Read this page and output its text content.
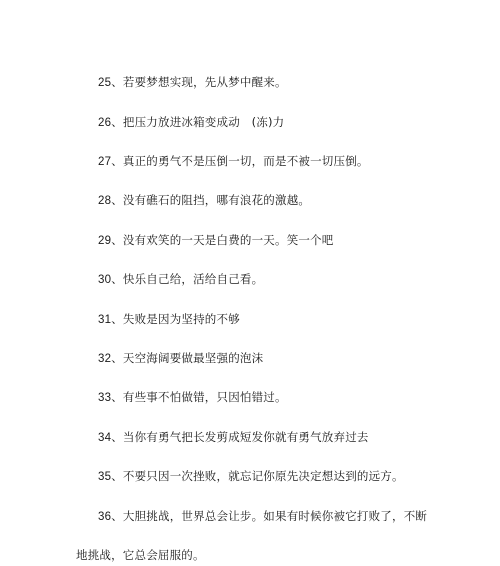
25、若要梦想实现，先从梦中醒来。
26、把压力放进冰箱变成动　(冻)力
27、真正的勇气不是压倒一切，而是不被一切压倒。
28、没有礁石的阻挡，哪有浪花的激越。
29、没有欢笑的一天是白费的一天。笑一个吧
30、快乐自己给，活给自己看。
31、失败是因为坚持的不够
32、天空海阔要做最坚强的泡沫
33、有些事不怕做错，只因怕错过。
34、当你有勇气把长发剪成短发你就有勇气放弃过去
35、不要只因一次挫败，就忘记你原先决定想达到的远方。
36、大胆挑战，世界总会让步。如果有时候你被它打败了，不断
地挑战，它总会屈服的。
